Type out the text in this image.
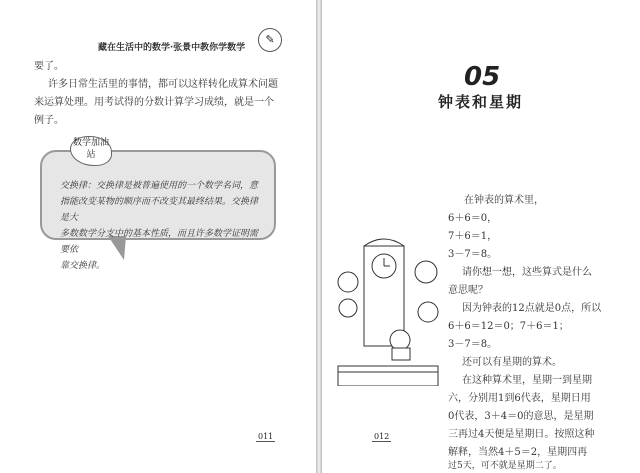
藏在生活中的数学·张景中教你学数学
✎
要了。
许多日常生活里的事情，都可以这样转化成算术问题
来运算处理。用考试得的分数计算学习成绩，就是一个
例子。
数学加油站
交换律：交换律是被普遍使用的一个数学名词，意
指能改变某物的顺序而不改变其最终结果。交换律是大
多数数学分支中的基本性质，而且许多数学证明需要依
靠交换律。
011
05
钟表和星期
在钟表的算术里，
6＋6＝0，
7＋6＝1，
3－7＝8。
请你想一想，这些算式是什么
意思呢？
因为钟表的12点就是0点，所以
6＋6＝12＝0；7＋6＝1；
3－7＝8。
还可以有星期的算术。
在这种算术里，星期一到星期
六，分别用1到6代表，星期日用
0代表，3＋4＝0的意思，是星期
三再过4天便是星期日。按照这种
解释，当然4＋5＝2，星期四再
过5天，可不就是星期二了。
012
